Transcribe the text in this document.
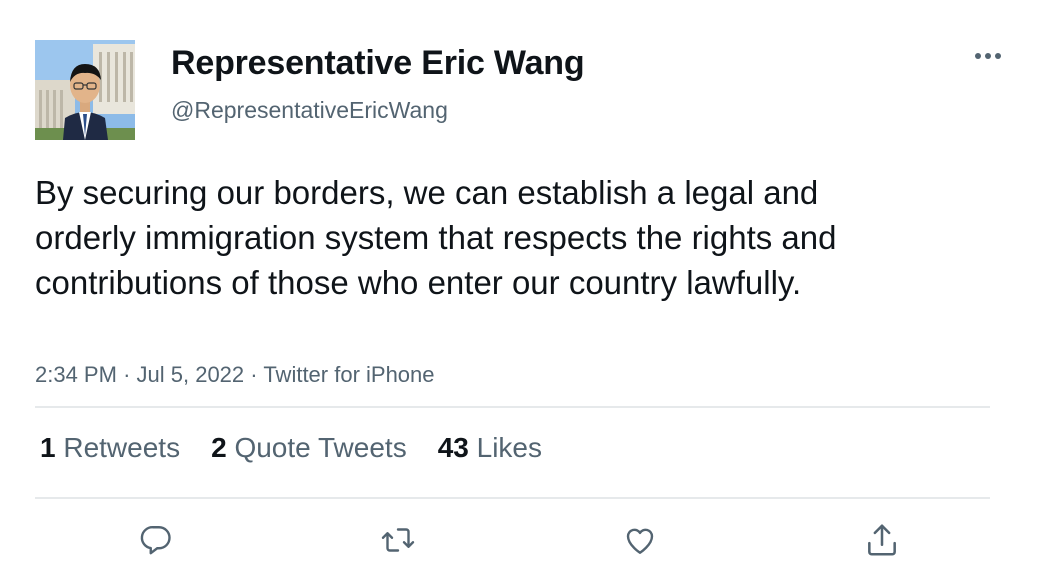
Representative Eric Wang
@RepresentativeEricWang
By securing our borders, we can establish a legal and orderly immigration system that respects the rights and contributions of those who enter our country lawfully.
2:34 PM · Jul 5, 2022 · Twitter for iPhone
1 Retweets 2 Quote Tweets 43 Likes
